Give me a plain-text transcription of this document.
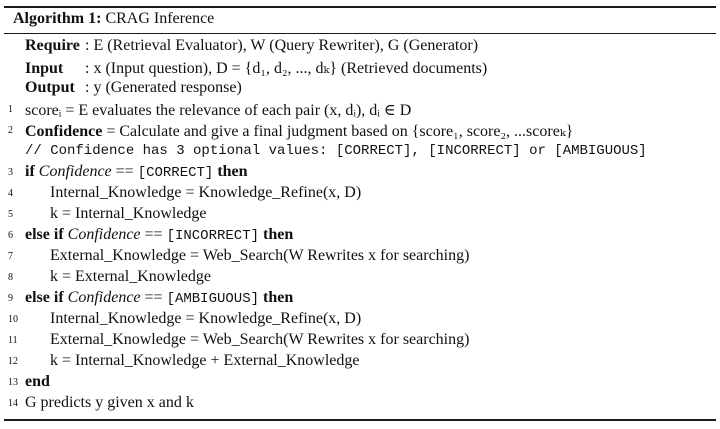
Algorithm 1: CRAG Inference
Require : E (Retrieval Evaluator), W (Query Rewriter), G (Generator)
Input : x (Input question), D = {d₁, d₂, ..., dₖ} (Retrieved documents)
Output : y (Generated response)
1 scoreᵢ = E evaluates the relevance of each pair (x, dᵢ), dᵢ ∈ D
2 Confidence = Calculate and give a final judgment based on {score₁, score₂, ...scoreₖ}
// Confidence has 3 optional values: [CORRECT], [INCORRECT] or [AMBIGUOUS]
3 if Confidence == [CORRECT] then
4	Internal_Knowledge = Knowledge_Refine(x, D)
5	k = Internal_Knowledge
6 else if Confidence == [INCORRECT] then
7	External_Knowledge = Web_Search(W Rewrites x for searching)
8	k = External_Knowledge
9 else if Confidence == [AMBIGUOUS] then
10 Internal_Knowledge = Knowledge_Refine(x, D)
11 External_Knowledge = Web_Search(W Rewrites x for searching)
12 k = Internal_Knowledge + External_Knowledge
13 end
14 G predicts y given x and k
